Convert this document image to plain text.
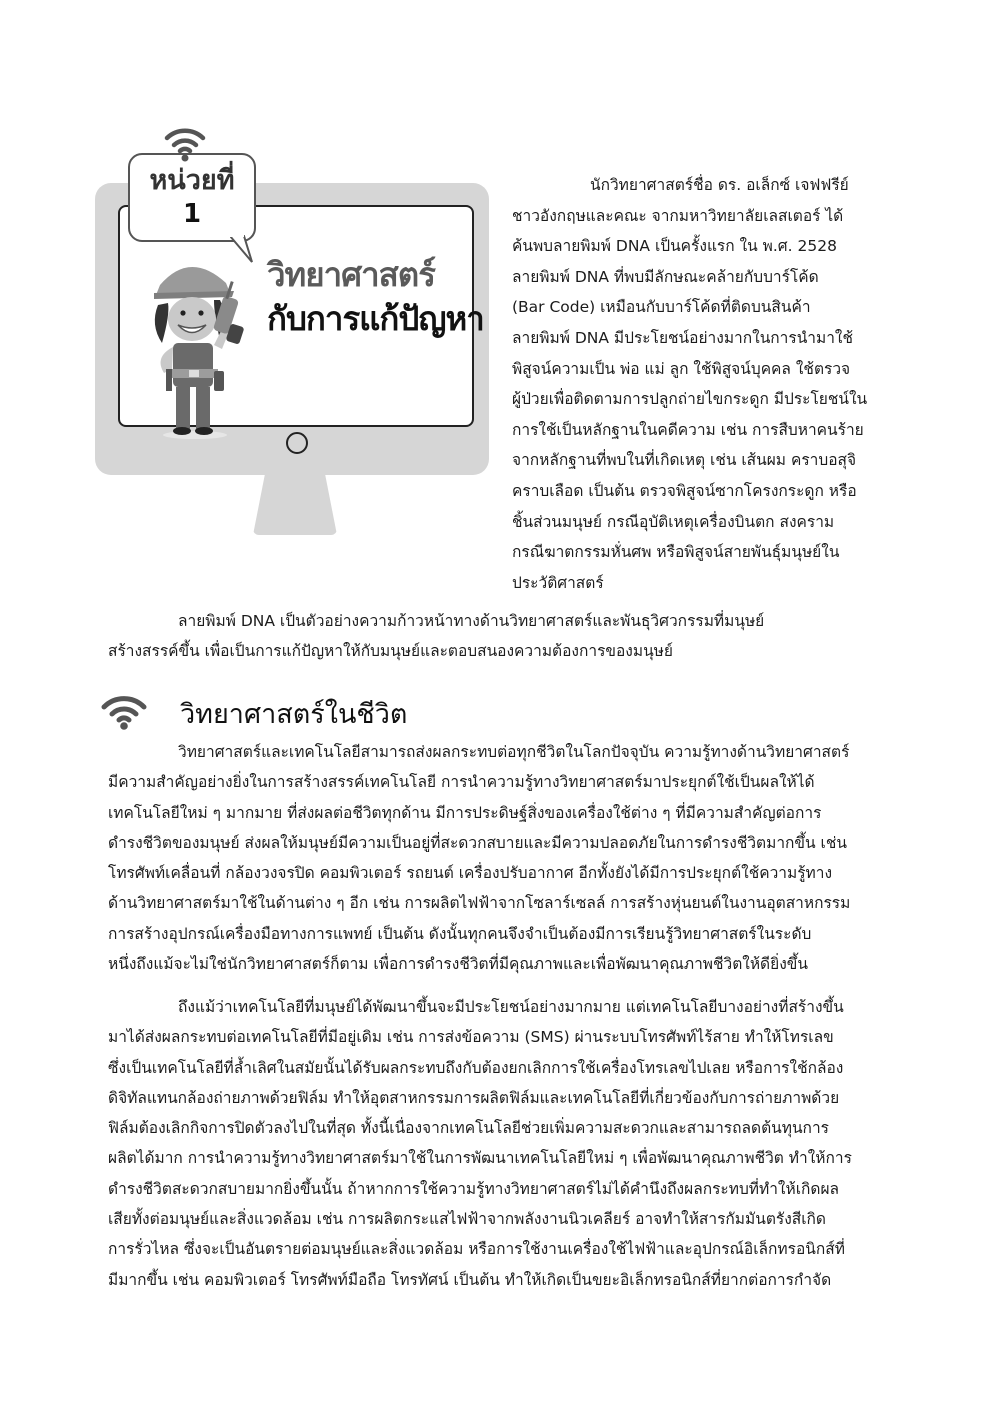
หน่วยที่
1
วิทยาศาสตร์
กับการแก้ปัญหา
นักวิทยาศาสตร์ชื่อ ดร. อเล็กซ์ เจฟฟรีย์
ชาวอังกฤษและคณะ จากมหาวิทยาลัยเลสเตอร์ ได้
ค้นพบลายพิมพ์ DNA เป็นครั้งแรก ใน พ.ศ. 2528
ลายพิมพ์ DNA ที่พบมีลักษณะคล้ายกับบาร์โค้ด
(Bar Code) เหมือนกับบาร์โค้ดที่ติดบนสินค้า
ลายพิมพ์ DNA มีประโยชน์อย่างมากในการนำมาใช้
พิสูจน์ความเป็น พ่อ แม่ ลูก ใช้พิสูจน์บุคคล ใช้ตรวจ
ผู้ป่วยเพื่อติดตามการปลูกถ่ายไขกระดูก มีประโยชน์ใน
การใช้เป็นหลักฐานในคดีความ เช่น การสืบหาคนร้าย
จากหลักฐานที่พบในที่เกิดเหตุ เช่น เส้นผม คราบอสุจิ
คราบเลือด เป็นต้น ตรวจพิสูจน์ซากโครงกระดูก หรือ
ชิ้นส่วนมนุษย์ กรณีอุบัติเหตุเครื่องบินตก สงคราม
กรณีฆาตกรรมหั่นศพ หรือพิสูจน์สายพันธุ์มนุษย์ใน
ประวัติศาสตร์
ลายพิมพ์ DNA เป็นตัวอย่างความก้าวหน้าทางด้านวิทยาศาสตร์และพันธุวิศวกรรมที่มนุษย์
สร้างสรรค์ขึ้น เพื่อเป็นการแก้ปัญหาให้กับมนุษย์และตอบสนองความต้องการของมนุษย์
วิทยาศาสตร์ในชีวิต
วิทยาศาสตร์และเทคโนโลยีสามารถส่งผลกระทบต่อทุกชีวิตในโลกปัจจุบัน ความรู้ทางด้านวิทยาศาสตร์
มีความสำคัญอย่างยิ่งในการสร้างสรรค์เทคโนโลยี การนำความรู้ทางวิทยาศาสตร์มาประยุกต์ใช้เป็นผลให้ได้
เทคโนโลยีใหม่ ๆ มากมาย ที่ส่งผลต่อชีวิตทุกด้าน มีการประดิษฐ์สิ่งของเครื่องใช้ต่าง ๆ ที่มีความสำคัญต่อการ
ดำรงชีวิตของมนุษย์ ส่งผลให้มนุษย์มีความเป็นอยู่ที่สะดวกสบายและมีความปลอดภัยในการดำรงชีวิตมากขึ้น เช่น
โทรศัพท์เคลื่อนที่ กล้องวงจรปิด คอมพิวเตอร์ รถยนต์ เครื่องปรับอากาศ อีกทั้งยังได้มีการประยุกต์ใช้ความรู้ทาง
ด้านวิทยาศาสตร์มาใช้ในด้านต่าง ๆ อีก เช่น การผลิตไฟฟ้าจากโซลาร์เซลล์ การสร้างหุ่นยนต์ในงานอุตสาหกรรม
การสร้างอุปกรณ์เครื่องมือทางการแพทย์ เป็นต้น ดังนั้นทุกคนจึงจำเป็นต้องมีการเรียนรู้วิทยาศาสตร์ในระดับ
หนึ่งถึงแม้จะไม่ใช่นักวิทยาศาสตร์ก็ตาม เพื่อการดำรงชีวิตที่มีคุณภาพและเพื่อพัฒนาคุณภาพชีวิตให้ดียิ่งขึ้น
ถึงแม้ว่าเทคโนโลยีที่มนุษย์ได้พัฒนาขึ้นจะมีประโยชน์อย่างมากมาย แต่เทคโนโลยีบางอย่างที่สร้างขึ้น
มาได้ส่งผลกระทบต่อเทคโนโลยีที่มีอยู่เดิม เช่น การส่งข้อความ (SMS) ผ่านระบบโทรศัพท์ไร้สาย ทำให้โทรเลข
ซึ่งเป็นเทคโนโลยีที่ล้ำเลิศในสมัยนั้นได้รับผลกระทบถึงกับต้องยกเลิกการใช้เครื่องโทรเลขไปเลย หรือการใช้กล้อง
ดิจิทัลแทนกล้องถ่ายภาพด้วยฟิล์ม ทำให้อุตสาหกรรมการผลิตฟิล์มและเทคโนโลยีที่เกี่ยวข้องกับการถ่ายภาพด้วย
ฟิล์มต้องเลิกกิจการปิดตัวลงไปในที่สุด ทั้งนี้เนื่องจากเทคโนโลยีช่วยเพิ่มความสะดวกและสามารถลดต้นทุนการ
ผลิตได้มาก การนำความรู้ทางวิทยาศาสตร์มาใช้ในการพัฒนาเทคโนโลยีใหม่ ๆ เพื่อพัฒนาคุณภาพชีวิต ทำให้การ
ดำรงชีวิตสะดวกสบายมากยิ่งขึ้นนั้น ถ้าหากการใช้ความรู้ทางวิทยาศาสตร์ไม่ได้คำนึงถึงผลกระทบที่ทำให้เกิดผล
เสียทั้งต่อมนุษย์และสิ่งแวดล้อม เช่น การผลิตกระแสไฟฟ้าจากพลังงานนิวเคลียร์ อาจทำให้สารกัมมันตรังสีเกิด
การรั่วไหล ซึ่งจะเป็นอันตรายต่อมนุษย์และสิ่งแวดล้อม หรือการใช้งานเครื่องใช้ไฟฟ้าและอุปกรณ์อิเล็กทรอนิกส์ที่
มีมากขึ้น เช่น คอมพิวเตอร์ โทรศัพท์มือถือ โทรทัศน์ เป็นต้น ทำให้เกิดเป็นขยะอิเล็กทรอนิกส์ที่ยากต่อการกำจัด
